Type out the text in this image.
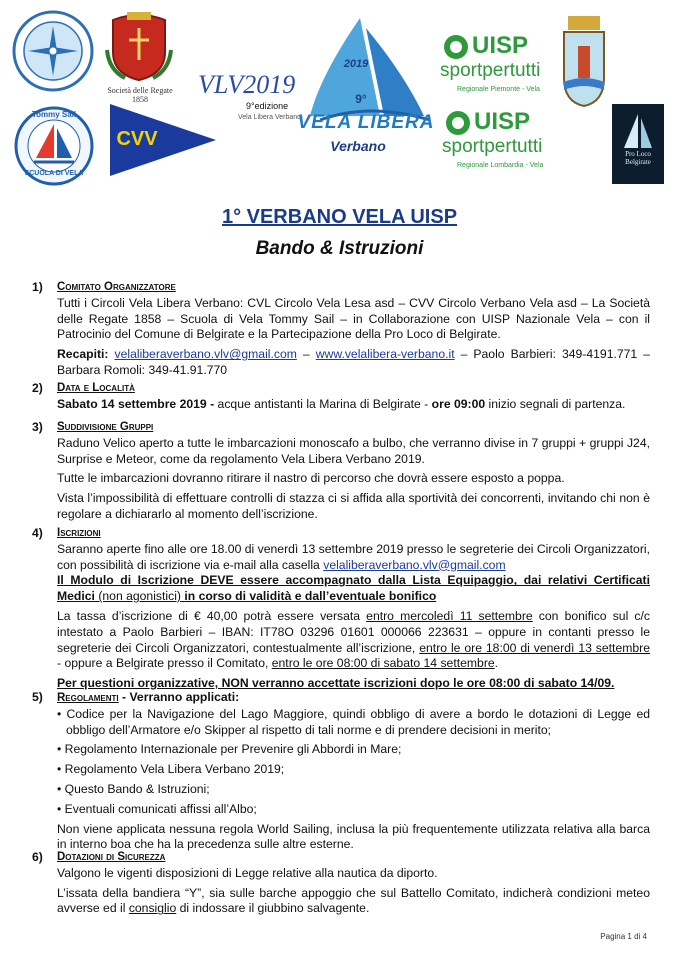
Società delle Regate
1858
Tommy Sail
SCUOLA DI VELA
CVV
VLV2019
9°edizione
Vela Libera Verbano
2019
9°
VELA LIBERA
Verbano
UISP
sportpertutti
Regionale Piemonte - Vela
UISP
sportpertutti
Regionale Lombardia - Vela
Pro Loco Belgirate
1° VERBANO VELA UISP
Bando & Istruzioni
1) Comitato Organizzatore

Tutti i Circoli Vela Libera Verbano: CVL Circolo Vela Lesa asd – CVV Circolo Verbano Vela asd – La Società delle Regate 1858 – Scuola di Vela Tommy Sail – in Collaborazione con UISP Nazionale Vela – con il Patrocinio del Comune di Belgirate e la Partecipazione della Pro Loco di Belgirate.

Recapiti: velaliberaverbano.vlv@gmail.com – www.velalibera-verbano.it – Paolo Barbieri: 349-4191.771 – Barbara Romoli: 349-41.91.770

2) Data e Località

Sabato 14 settembre 2019 - acque antistanti la Marina di Belgirate - ore 09:00 inizio segnali di partenza.

3) Suddivisione Gruppi

Raduno Velico aperto a tutte le imbarcazioni monoscafo a bulbo, che verranno divise in 7 gruppi + gruppi J24, Surprise e Meteor, come da regolamento Vela Libera Verbano 2019.

Tutte le imbarcazioni dovranno ritirare il nastro di percorso che dovrà essere esposto a poppa.

Vista l’impossibilità di effettuare controlli di stazza ci si affida alla sportività dei concorrenti, invitando chi non è regolare a dichiararlo al momento dell’iscrizione.

4) Iscrizioni

Saranno aperte fino alle ore 18.00 di venerdì 13 settembre 2019 presso le segreterie dei Circoli Organizzatori, con possibilità di iscrizione via e-mail alla casella velaliberaverbano.vlv@gmail.com

Il Modulo di Iscrizione DEVE essere accompagnato dalla Lista Equipaggio, dai relativi Certificati Medici (non agonistici) in corso di validità e dall’eventuale bonifico

La tassa d’iscrizione di € 40,00 potrà essere versata entro mercoledì 11 settembre con bonifico sul c/c intestato a Paolo Barbieri – IBAN: IT78O 03296 01601 000066 223631 – oppure in contanti presso le segreterie dei Circoli Organizzatori, contestualmente all’iscrizione, entro le ore 18:00 di venerdì 13 settembre - oppure a Belgirate presso il Comitato, entro le ore 08:00 di sabato 14 settembre.

Per questioni organizzative, NON verranno accettate iscrizioni dopo le ore 08:00 di sabato 14/09.

5) Regolamenti - Verranno applicati:

• Codice per la Navigazione del Lago Maggiore, quindi obbligo di avere a bordo le dotazioni di Legge ed obbligo dell’Armatore e/o Skipper al rispetto di tali norme e di prendere decisioni in merito;

• Regolamento Internazionale per Prevenire gli Abbordi in Mare;

• Regolamento Vela Libera Verbano 2019;

• Questo Bando & Istruzioni;

• Eventuali comunicati affissi all’Albo;

Non viene applicata nessuna regola World Sailing, inclusa la più frequentemente utilizzata relativa alla barca in interno boa che ha la precedenza sulle altre esterne.

6) Dotazioni di Sicurezza

Valgono le vigenti disposizioni di Legge relative alla nautica da diporto.

L’issata della bandiera “Y”, sia sulle barche appoggio che sul Battello Comitato, indicherà condizioni meteo avverse ed il consiglio di indossare il giubbino salvagente.

Pagina 1 di 4
